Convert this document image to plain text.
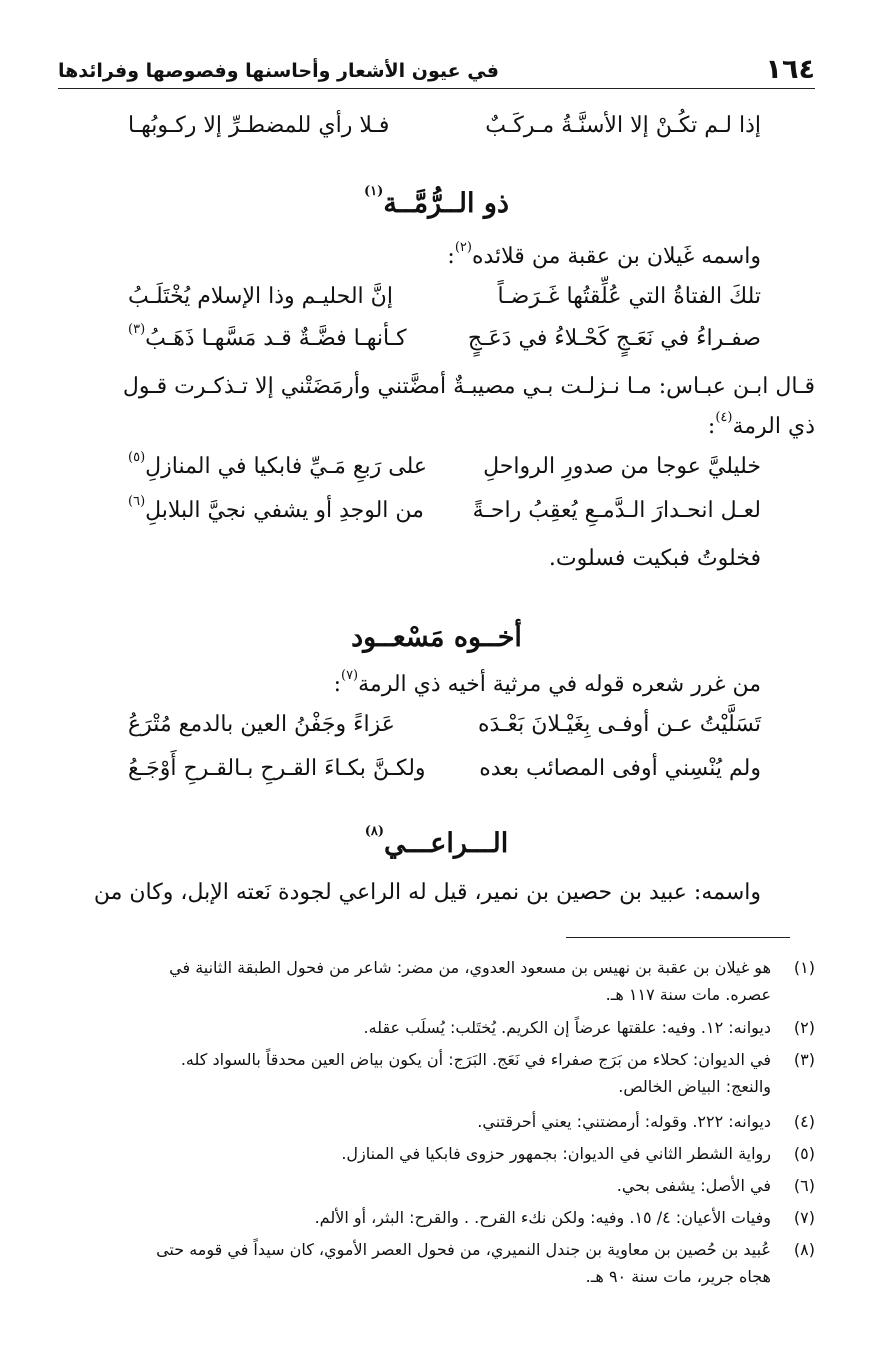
١٦٤
في عيون الأشعار وأحاسنها وفصوصها وفرائدها
إذا لـم تكُـنْ إلا الأسنَّـةُ مـركَـبٌ
فـلا رأي للمضطـرِّ إلا ركـوبُهـا
ذو الــرُّمَّــة$^{(١)}$
واسمه غَيلان بن عقبة من قلائده$^{(٢)}$:
تلكَ الفتاةُ التي عُلِّقتُها غَـرَضـاً
إنَّ الحليـم وذا الإسلام يُخْتَلَـبُ
صفـراءُ في نَعَـجٍ كَحْـلاءُ في دَعَـجٍ
كـأنهـا فضَّـةٌ قـد مَسَّهـا ذَهَـبُ$^{(٣)}$
قـال ابـن عبـاس: مـا نـزلـت بـي مصيبـةٌ أمضَّتني وأرمَضَتْني إلا تـذكـرت قـول
ذي الرمة$^{(٤)}$:
خليليَّ عوجا من صدورِ الرواحلِ
على رَبعِ مَـيِّ فابكيا في المنازلِ$^{(٥)}$
لعـل انحـدارَ الـدَّمـعِ يُعقِبُ راحـةً
من الوجدِ أو يشفي نجيَّ البلابلِ$^{(٦)}$
فخلوتُ فبكيت فسلوت.
أخــوه مَسْعــود
من غرر شعره قوله في مرثية أخيه ذي الرمة$^{(٧)}$:
تَسَلَّيْتُ عـن أوفـى بِغَيْـلانَ بَعْـدَه
عَزاءً وجَفْنُ العين بالدمع مُتْرَعُ
ولم يُنْسِني أوفى المصائب بعده
ولكـنَّ بكـاءَ القـرحِ بـالقـرحِ أَوْجَـعُ
الـــراعـــي$^{(٨)}$
واسمه: عبيد بن حصين بن نمير، قيل له الراعي لجودة نَعته الإبل، وكان من
(١)
هو غيلان بن عقبة بن نهيس بن مسعود العدوي، من مضر: شاعر من فحول الطبقة الثانية في
عصره. مات سنة ١١٧ هـ.
(٢)
ديوانه: ١٢. وفيه: علقتها عرضاً إن الكريم. يُختَلب: يُسلَب عقله.
(٣)
في الديوان: كحلاء من بَرَج صفراء في نَعَج. البَرَج: أن يكون بياض العين محدقاً بالسواد كله.
والنعج: البياض الخالص.
(٤)
ديوانه: ٢٢٢. وقوله: أرمضتني: يعني أحرقتني.
(٥)
رواية الشطر الثاني في الديوان: بجمهور حزوى فابكيا في المنازل.
(٦)
في الأصل: يشفى بحي.
(٧)
وفيات الأعيان: ٤/ ١٥. وفيه: ولكن نكء القرح. . والقرح: البثر، أو الألم.
(٨)
عُبيد بن حُصين بن معاوية بن جندل النميري، من فحول العصر الأموي، كان سيداً في قومه حتى
هجاه جرير، مات سنة ٩٠ هـ.
